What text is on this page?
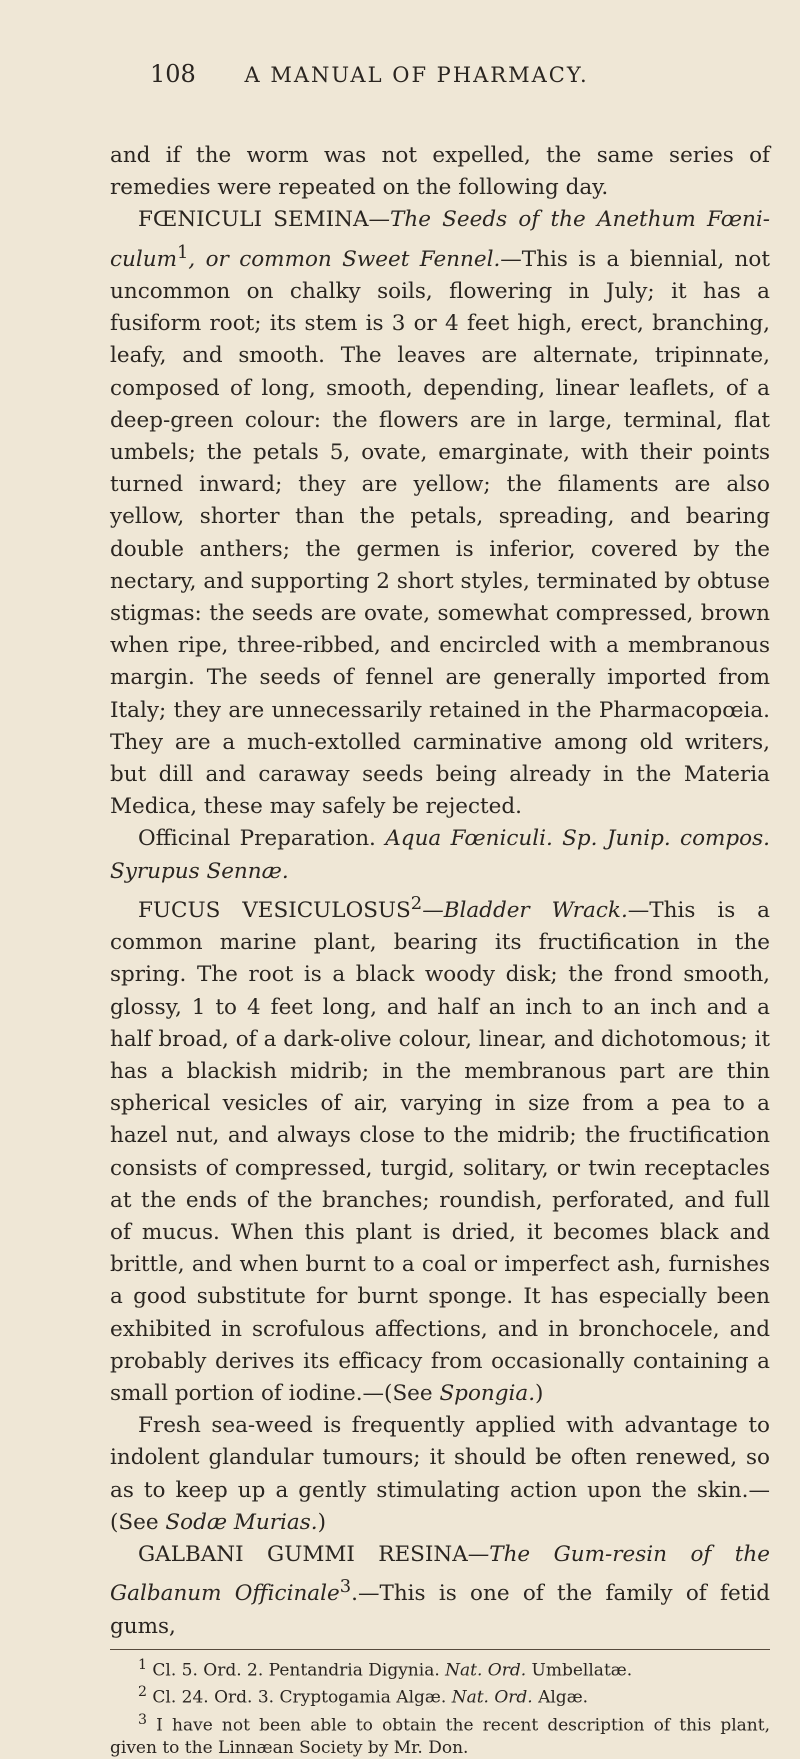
108 A MANUAL OF PHARMACY.

and if the worm was not expelled, the same series of remedies were repeated on the following day.

FŒNICULI SEMINA—The Seeds of the Anethum Fœniculum$^1$, or common Sweet Fennel.—This is a biennial, not uncommon on chalky soils, flowering in July; it has a fusiform root; its stem is 3 or 4 feet high, erect, branching, leafy, and smooth. The leaves are alternate, tripinnate, composed of long, smooth, depending, linear leaflets, of a deep-green colour: the flowers are in large, terminal, flat umbels; the petals 5, ovate, emarginate, with their points turned inward; they are yellow; the filaments are also yellow, shorter than the petals, spreading, and bearing double anthers; the germen is inferior, covered by the nectary, and supporting 2 short styles, terminated by obtuse stigmas: the seeds are ovate, somewhat compressed, brown when ripe, three-ribbed, and encircled with a membranous margin. The seeds of fennel are generally imported from Italy; they are unnecessarily retained in the Pharmacopœia. They are a much-extolled carminative among old writers, but dill and caraway seeds being already in the Materia Medica, these may safely be rejected.

Officinal Preparation. Aqua Fœniculi. Sp. Junip. compos. Syrupus Sennæ.

FUCUS VESICULOSUS$^2$—Bladder Wrack.—This is a common marine plant, bearing its fructification in the spring. The root is a black woody disk; the frond smooth, glossy, 1 to 4 feet long, and half an inch to an inch and a half broad, of a dark-olive colour, linear, and dichotomous; it has a blackish midrib; in the membranous part are thin spherical vesicles of air, varying in size from a pea to a hazel nut, and always close to the midrib; the fructification consists of compressed, turgid, solitary, or twin receptacles at the ends of the branches; roundish, perforated, and full of mucus. When this plant is dried, it becomes black and brittle, and when burnt to a coal or imperfect ash, furnishes a good substitute for burnt sponge. It has especially been exhibited in scrofulous affections, and in bronchocele, and probably derives its efficacy from occasionally containing a small portion of iodine.—(See Spongia.)

Fresh sea-weed is frequently applied with advantage to indolent glandular tumours; it should be often renewed, so as to keep up a gently stimulating action upon the skin.—(See Sodæ Murias.)

GALBANI GUMMI RESINA—The Gum-resin of the Galbanum Officinale$^3$.—This is one of the family of fetid gums,

$^1$ Cl. 5. Ord. 2. Pentandria Digynia. Nat. Ord. Umbellatæ.

$^2$ Cl. 24. Ord. 3. Cryptogamia Algæ. Nat. Ord. Algæ.

$^3$ I have not been able to obtain the recent description of this plant, given to the Linnæan Society by Mr. Don.
